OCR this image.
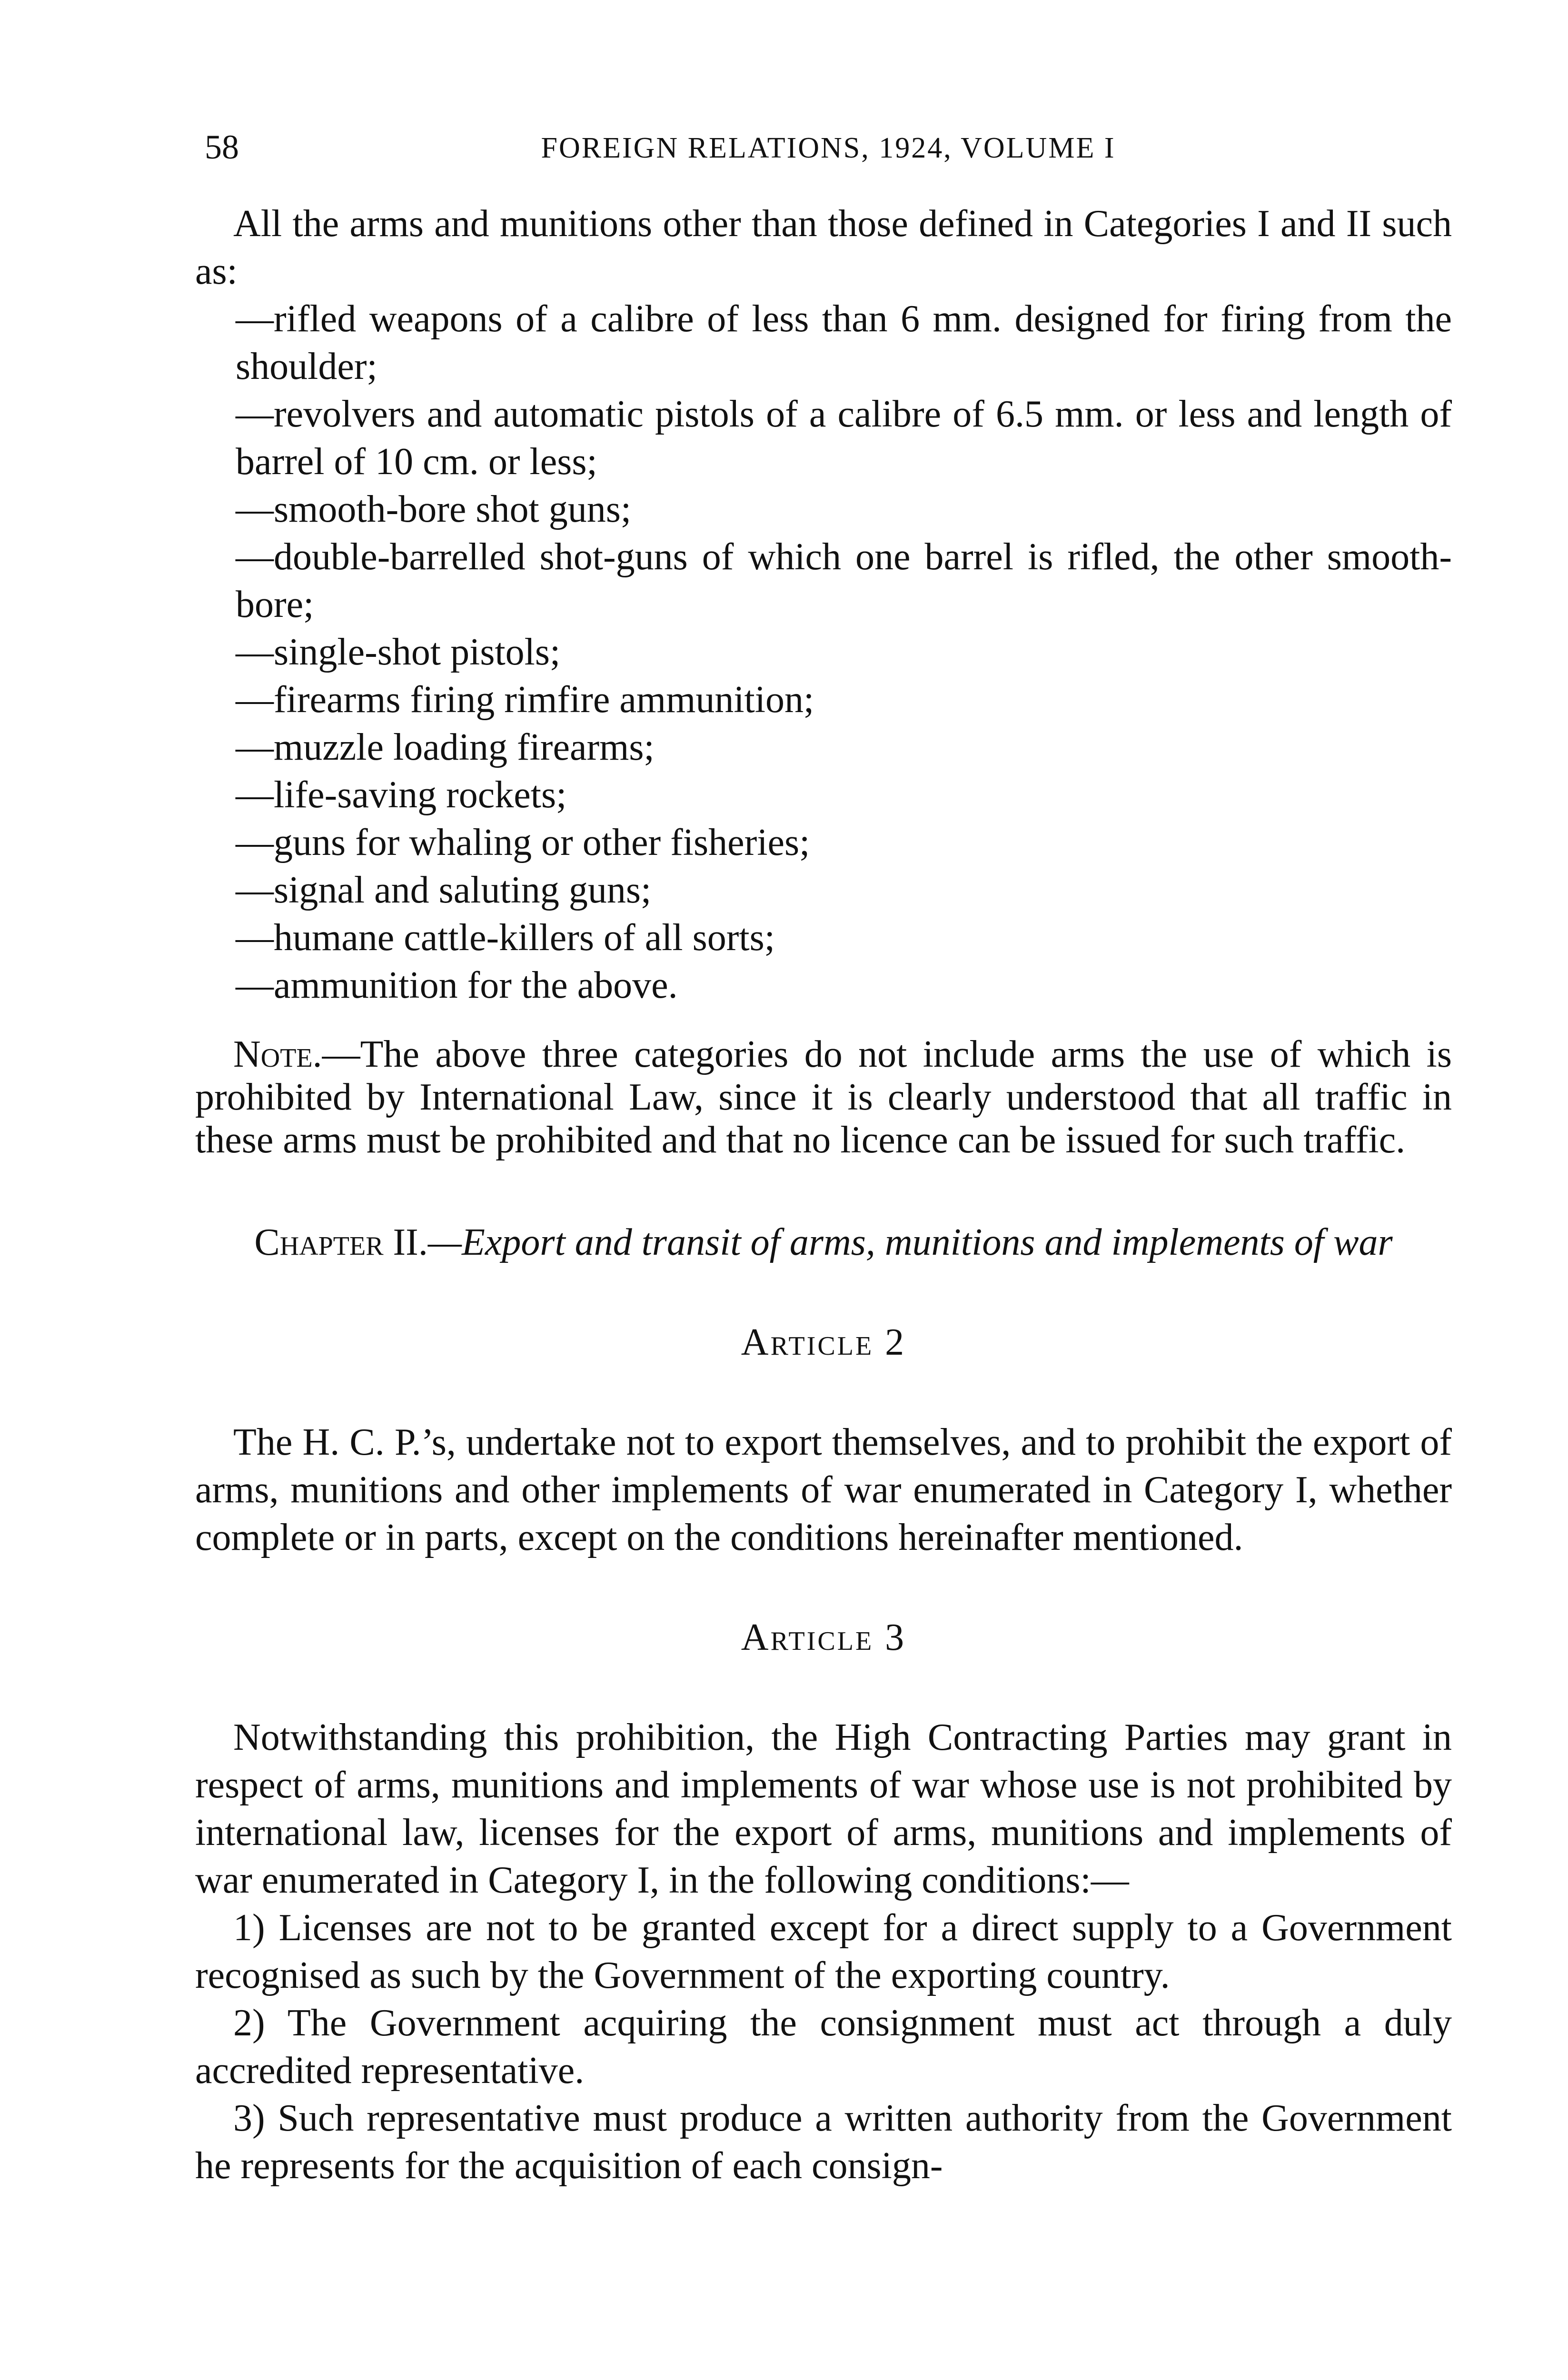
58	FOREIGN RELATIONS, 1924, VOLUME I

All the arms and munitions other than those defined in Categories I and II such as:

—rifled weapons of a calibre of less than 6 mm. designed for firing from the shoulder;

—revolvers and automatic pistols of a calibre of 6.5 mm. or less and length of barrel of 10 cm. or less;

—smooth-bore shot guns;

—double-barrelled shot-guns of which one barrel is rifled, the other smooth-bore;

—single-shot pistols;

—firearms firing rimfire ammunition;

—muzzle loading firearms;

—life-saving rockets;

—guns for whaling or other fisheries;

—signal and saluting guns;

—humane cattle-killers of all sorts;

—ammunition for the above.

Note.—The above three categories do not include arms the use of which is prohibited by International Law, since it is clearly understood that all traffic in these arms must be prohibited and that no licence can be issued for such traffic.

Chapter II.—Export and transit of arms, munitions and implements of war

Article 2

The H. C. P.’s, undertake not to export themselves, and to prohibit the export of arms, munitions and other implements of war enumerated in Category I, whether complete or in parts, except on the conditions hereinafter mentioned.

Article 3

Notwithstanding this prohibition, the High Contracting Parties may grant in respect of arms, munitions and implements of war whose use is not prohibited by international law, licenses for the export of arms, munitions and implements of war enumerated in Category I, in the following conditions:—

1) Licenses are not to be granted except for a direct supply to a Government recognised as such by the Government of the exporting country.

2) The Government acquiring the consignment must act through a duly accredited representative.

3) Such representative must produce a written authority from the Government he represents for the acquisition of each consign-
